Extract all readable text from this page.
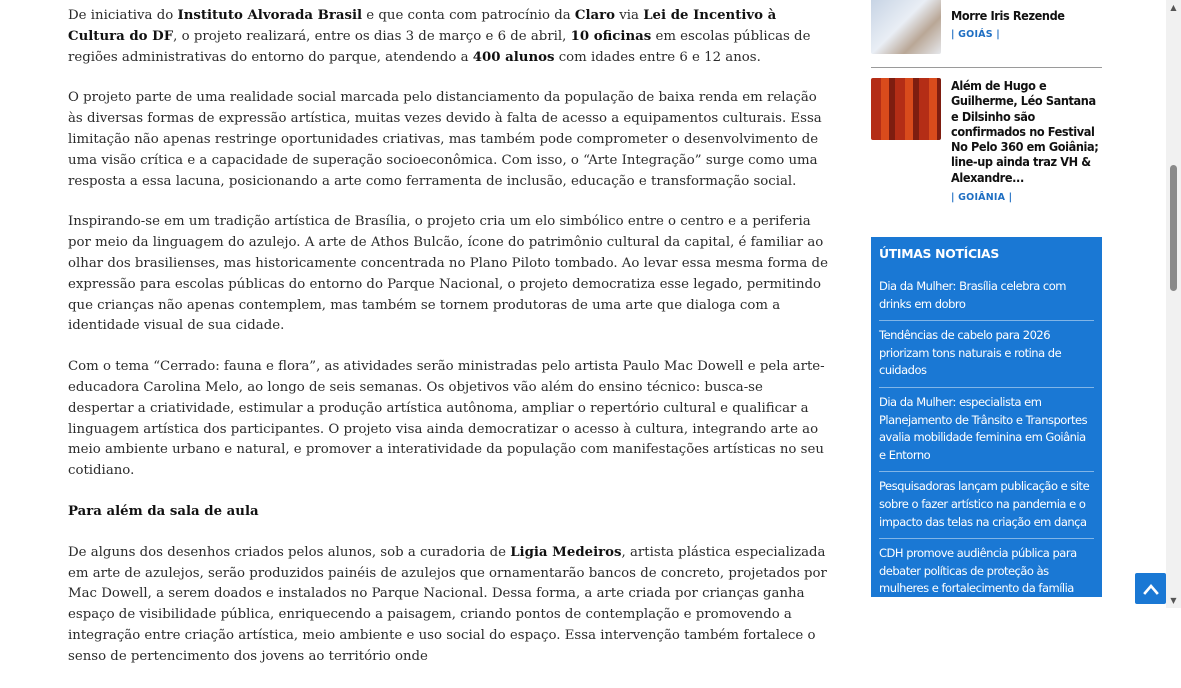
De iniciativa do Instituto Alvorada Brasil e que conta com patrocínio da Claro via Lei de Incentivo à Cultura do DF, o projeto realizará, entre os dias 3 de março e 6 de abril, 10 oficinas em escolas públicas de regiões administrativas do entorno do parque, atendendo a 400 alunos com idades entre 6 e 12 anos.

O projeto parte de uma realidade social marcada pelo distanciamento da população de baixa renda em relação às diversas formas de expressão artística, muitas vezes devido à falta de acesso a equipamentos culturais. Essa limitação não apenas restringe oportunidades criativas, mas também pode comprometer o desenvolvimento de uma visão crítica e a capacidade de superação socioeconômica. Com isso, o “Arte Integração” surge como uma resposta a essa lacuna, posicionando a arte como ferramenta de inclusão, educação e transformação social.

Inspirando-se em um tradição artística de Brasília, o projeto cria um elo simbólico entre o centro e a periferia por meio da linguagem do azulejo. A arte de Athos Bulcão, ícone do patrimônio cultural da capital, é familiar ao olhar dos brasilienses, mas historicamente concentrada no Plano Piloto tombado. Ao levar essa mesma forma de expressão para escolas públicas do entorno do Parque Nacional, o projeto democratiza esse legado, permitindo que crianças não apenas contemplem, mas também se tornem produtoras de uma arte que dialoga com a identidade visual de sua cidade.

Com o tema “Cerrado: fauna e flora”, as atividades serão ministradas pelo artista Paulo Mac Dowell e pela arte-educadora Carolina Melo, ao longo de seis semanas. Os objetivos vão além do ensino técnico: busca-se despertar a criatividade, estimular a produção artística autônoma, ampliar o repertório cultural e qualificar a linguagem artística dos participantes. O projeto visa ainda democratizar o acesso à cultura, integrando arte ao meio ambiente urbano e natural, e promover a interatividade da população com manifestações artísticas no seu cotidiano.

Para além da sala de aula

De alguns dos desenhos criados pelos alunos, sob a curadoria de Ligia Medeiros, artista plástica especializada em arte de azulejos, serão produzidos painéis de azulejos que ornamentarão bancos de concreto, projetados por Mac Dowell, a serem doados e instalados no Parque Nacional. Dessa forma, a arte criada por crianças ganha espaço de visibilidade pública, enriquecendo a paisagem, criando pontos de contemplação e promovendo a integração entre criação artística, meio ambiente e uso social do espaço. Essa intervenção também fortalece o senso de pertencimento dos jovens ao território onde

Morre Iris Rezende
| GOIÁS |
Além de Hugo e Guilherme, Léo Santana e Dilsinho são confirmados no Festival No Pelo 360 em Goiânia; line-up ainda traz VH & Alexandre...
| GOIÂNIA |
ÚTIMAS NOTÍCIAS
Dia da Mulher: Brasília celebra com drinks em dobro
Tendências de cabelo para 2026 priorizam tons naturais e rotina de cuidados
Dia da Mulher: especialista em Planejamento de Trânsito e Transportes avalia mobilidade feminina em Goiânia e Entorno
Pesquisadoras lançam publicação e site sobre o fazer artístico na pandemia e o impacto das telas na criação em dança
CDH promove audiência pública para debater políticas de proteção às mulheres e fortalecimento da família
▲
▼
